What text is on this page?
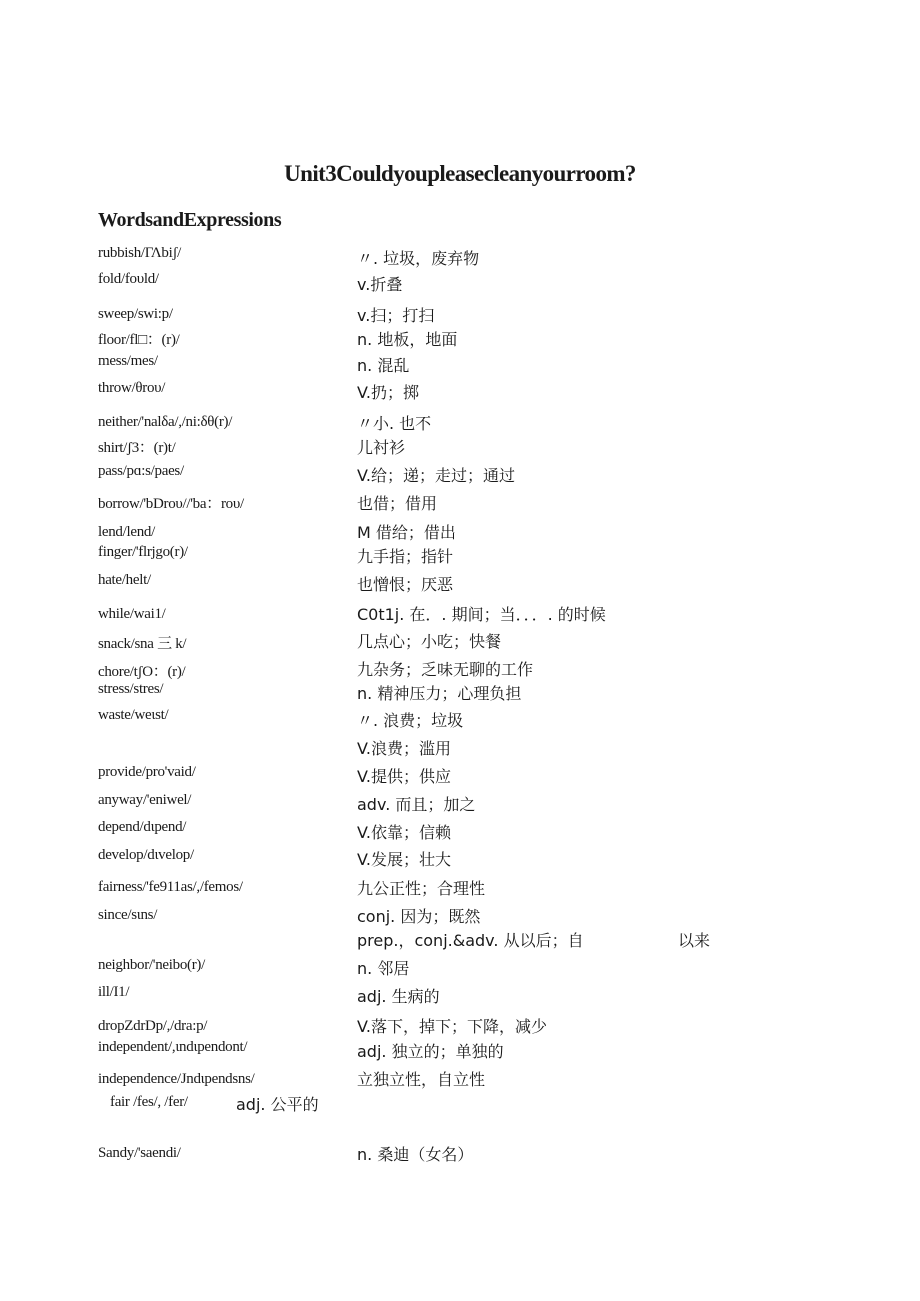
Unit3Couldyoupleasecleanyourroom?
WordsandExpressions
rubbish/ΓΛbiʃ/	〃. 垃圾，废弃物
fold/foυld/	v.折叠
sweep/swi:p/	v.扫；打扫
floor/fl□：(r)/	n. 地板，地面
mess/mes/	n. 混乱
throw/θroυ/	V.扔；掷
neither/'nalδa/,/ni:δθ(r)/	〃小. 也不
shirt/ʃ3：(r)t/	儿衬衫
pass/pɑ:s/paes/	V.给；递；走过；通过
borrow/'bDroυ//'ba：roυ/	也借；借用
lend/lend/	M 借给；借出
finger/'flrjgo(r)/	九手指；指针
hate/helt/	也憎恨；厌恶
while/wai1/	C0t1j. 在．. 期间；当．．．. 的时候
snack/sna 三 k/	几点心；小吃；快餐
chore/tʃO：(r)/	九杂务；乏味无聊的工作
stress/stres/	n. 精神压力；心理负担
waste/weιst/	〃. 浪费；垃圾
V.浪费；滥用
provide/pro'vaid/	V.提供；供应
anyway/'eniwel/	adv. 而且；加之
depend/dιpend/	V.依靠；信赖
develop/dιvelop/	V.发展；壮大
fairness/'fe911as/,/femos/	九公正性；合理性
since/sιns/	conj. 因为；既然
prep.，conj.&adv. 从以后；自	以来
neighbor/'neibo(r)/	n. 邻居
ill/I1/	adj. 生病的
dropZdrDp/,/dra:p/	V.落下，掉下；下降，减少
independent/,ιndιpendont/	adj. 独立的；单独的
independence/Jndιpendsns/	立独立性，自立性
fair /fes/, /fer/	adj. 公平的
Sandy/'saendi/	n. 桑迪（女名）
